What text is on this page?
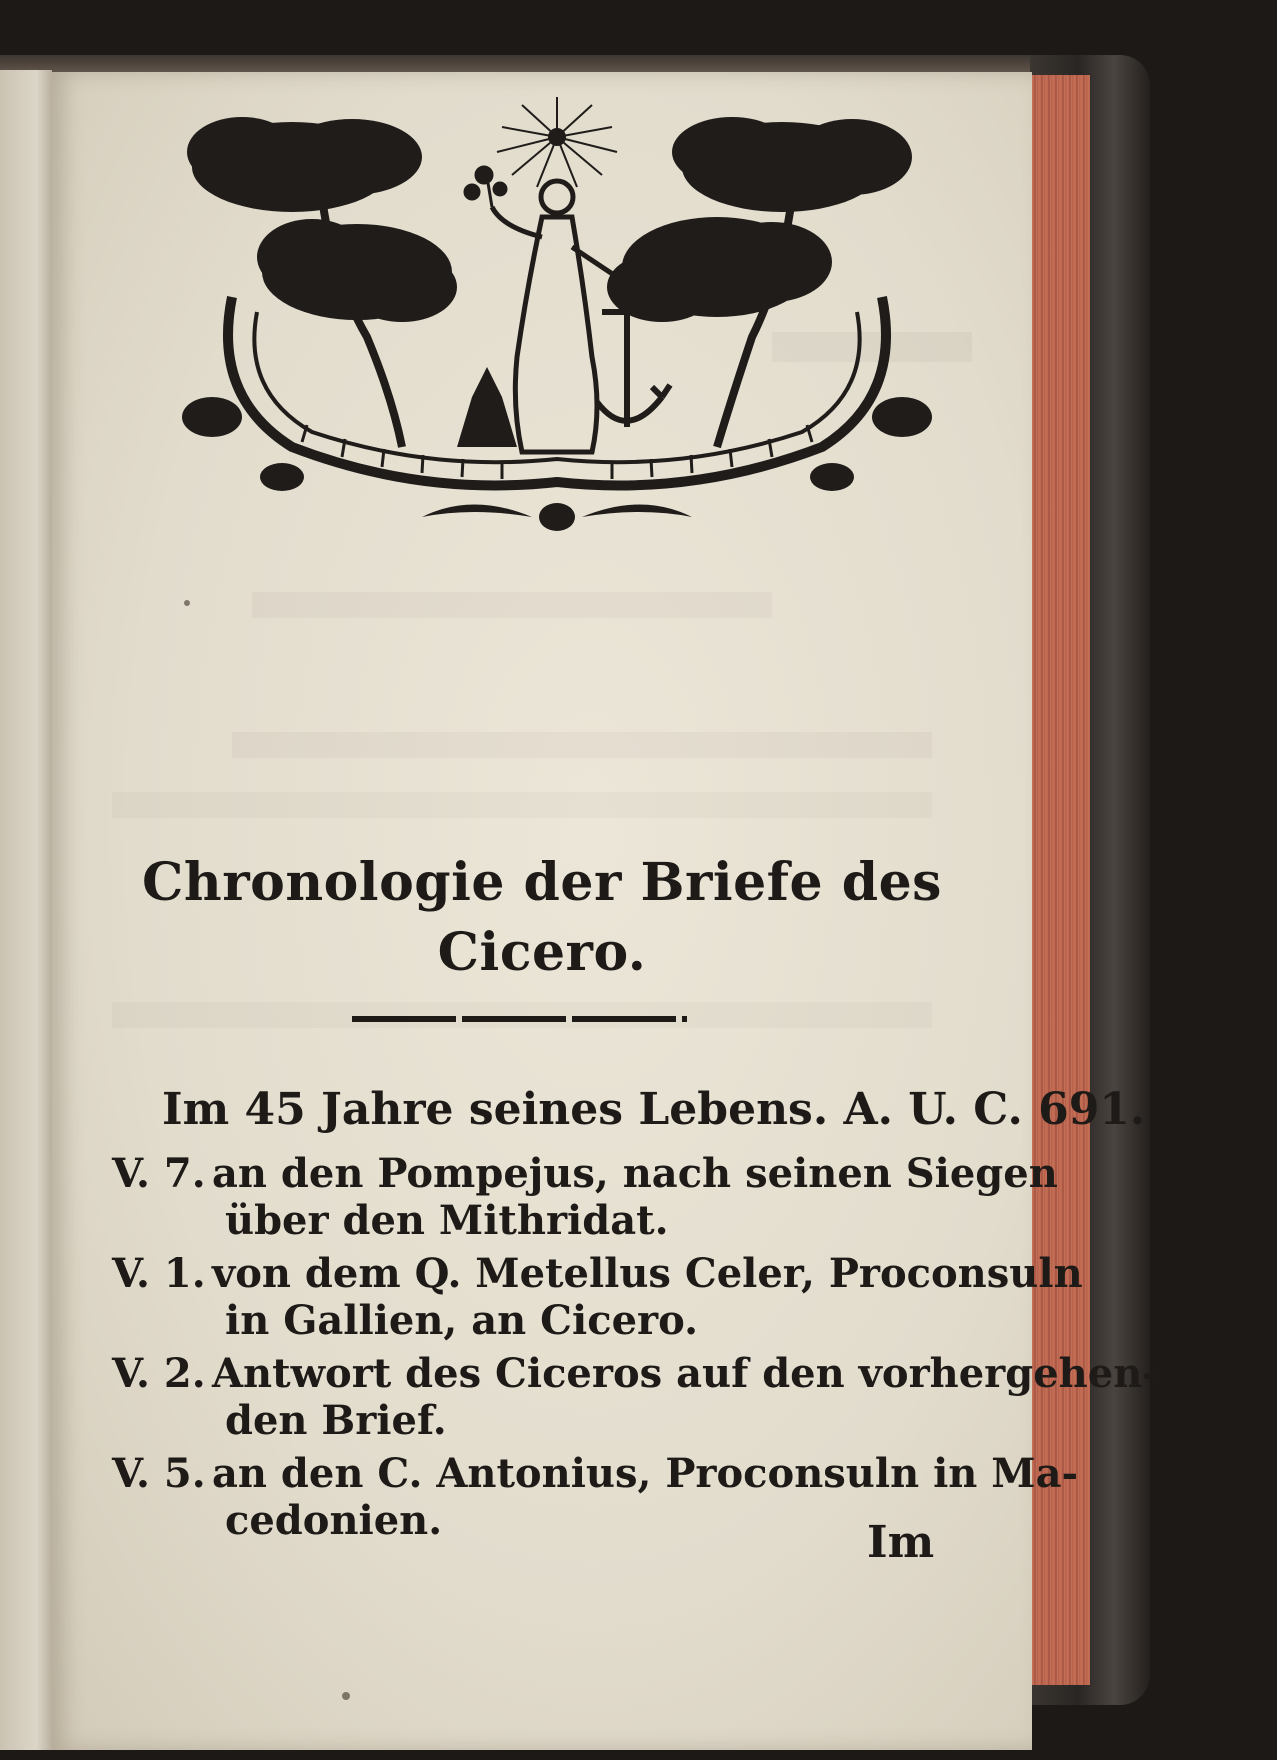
Chronologie der Briefe des
Cicero.
Im 45 Jahre seines Lebens. A. U. C. 691.
V. 7. an den Pompejus, nach seinen Siegen
über den Mithridat.
V. 1. von dem Q. Metellus Celer, Proconsuln
in Gallien, an Cicero.
V. 2. Antwort des Ciceros auf den vorhergehen-
den Brief.
V. 5. an den C. Antonius, Proconsuln in Ma-
cedonien.	Im
